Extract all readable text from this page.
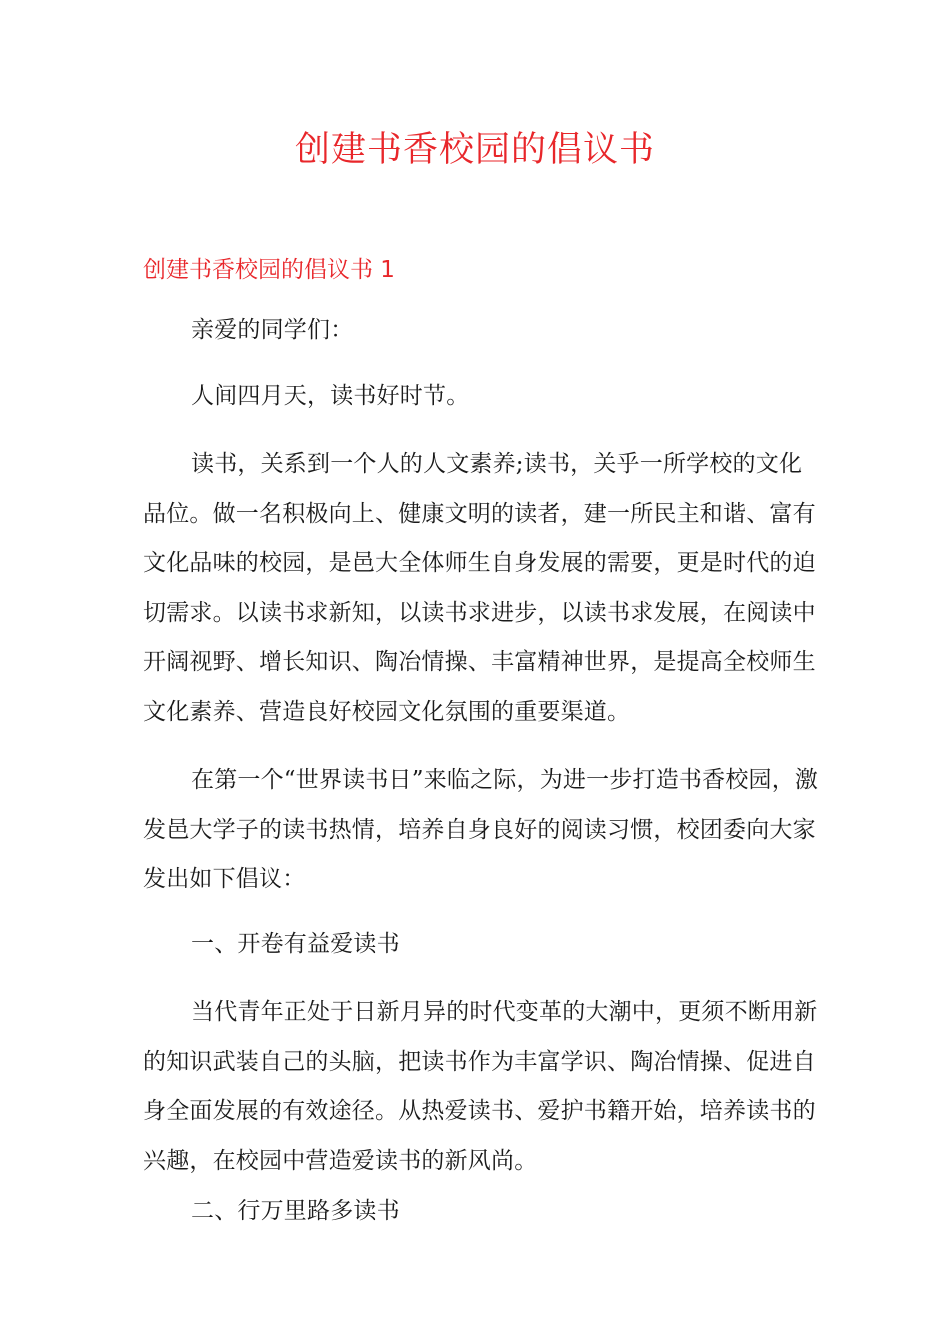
创建书香校园的倡议书
创建书香校园的倡议书 1

亲爱的同学们：

人间四月天，读书好时节。

读书，关系到一个人的人文素养;读书，关乎一所学校的文化品位。做一名积极向上、健康文明的读者，建一所民主和谐、富有文化品味的校园，是邑大全体师生自身发展的需要，更是时代的迫切需求。以读书求新知，以读书求进步，以读书求发展，在阅读中开阔视野、增长知识、陶冶情操、丰富精神世界，是提高全校师生文化素养、营造良好校园文化氛围的重要渠道。

在第一个“世界读书日”来临之际，为进一步打造书香校园，激发邑大学子的读书热情，培养自身良好的阅读习惯，校团委向大家发出如下倡议：

一、开卷有益爱读书

当代青年正处于日新月异的时代变革的大潮中，更须不断用新的知识武装自己的头脑，把读书作为丰富学识、陶冶情操、促进自身全面发展的有效途径。从热爱读书、爱护书籍开始，培养读书的兴趣，在校园中营造爱读书的新风尚。

二、行万里路多读书
